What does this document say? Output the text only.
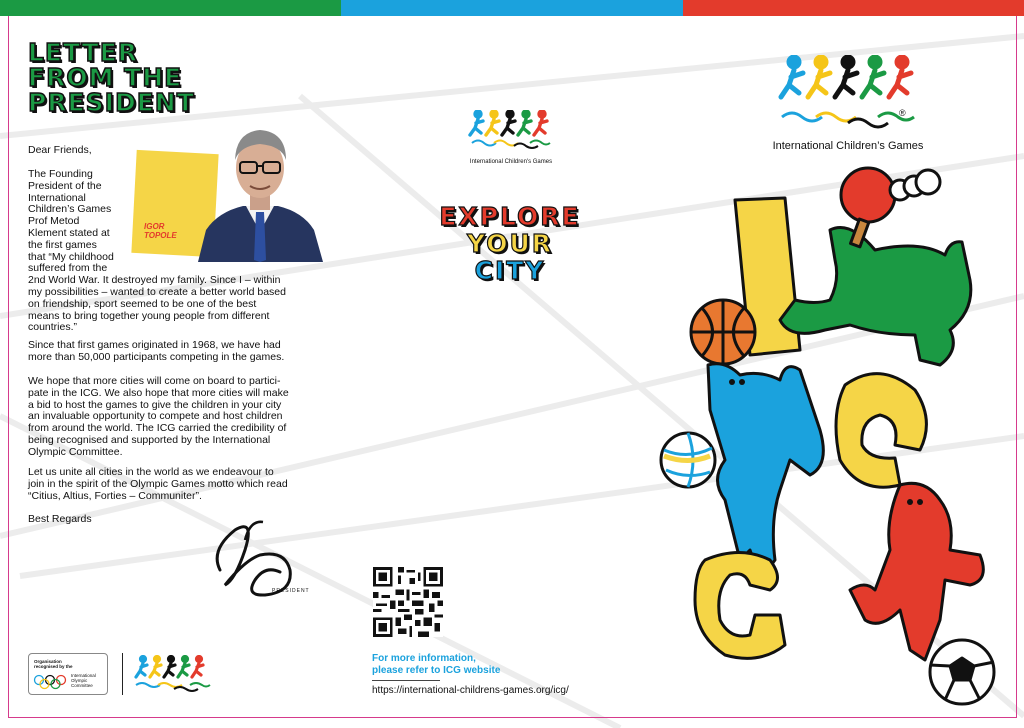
LETTER
FROM THE
PRESIDENT
Dear Friends,
The Founding
President of the
International
Children’s Games
Prof Metod
Klement stated at
the first games
that “My childhood
suffered from the
2nd World War. It destroyed my family. Since I – within
my possibilities – wanted to create a better world based
on friendship, sport seemed to be one of the best
means to bring together young people from different
countries.”
Since that first games originated in 1968, we have had
more than 50,000 participants competing in the games.
We hope that more cities will come on board to partici-
pate in the ICG. We also hope that more cities will make
a bid to host the games to give the children in your city
an invaluable opportunity to compete and host children
from around the world. The ICG carried the credibility of
being recognised and supported by the International
Olympic Committee.
Let us unite all cities in the world as we endeavour to
join in the spirit of the Olympic Games motto which read
“Citius, Altius, Forties – Communiter”.
Best Regards
IGOR
TOPOLE
PRESIDENT
Organisation
recognised by the
International
Olympic
Committee
International Children's Games
EXPLORE
YOUR
CITY
For more information,
please refer to ICG website
https://international-childrens-games.org/icg/
®
International Children’s Games
